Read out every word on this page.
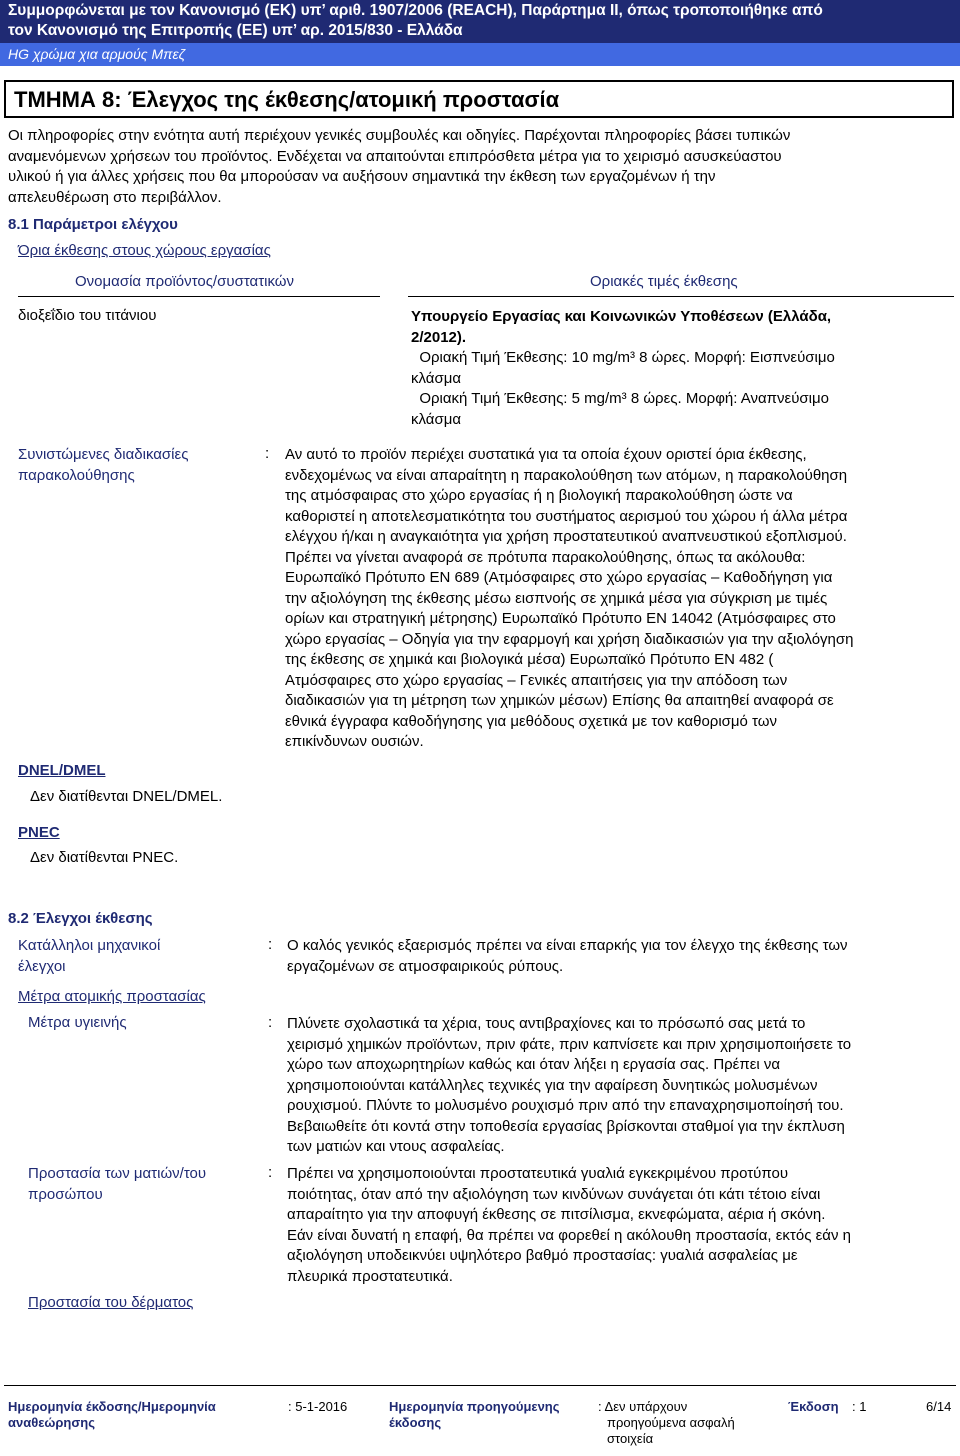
Συμμορφώνεται με τον Κανονισμό (ΕΚ) υπ’ αριθ. 1907/2006 (REACH), Παράρτημα II, όπως τροποποιήθηκε από
τον Κανονισμό της Επιτροπής (ΕΕ) υπ’ αρ. 2015/830 - Ελλάδα
HG χρώμα χια αρμούς Μπεζ
ΤΜΗΜΑ 8: Έλεγχος της έκθεσης/ατομική προστασία
Οι πληροφορίες στην ενότητα αυτή περιέχουν γενικές συμβουλές και οδηγίες. Παρέχονται πληροφορίες βάσει τυπικών
αναμενόμενων χρήσεων του προϊόντος. Ενδέχεται να απαιτούνται επιπρόσθετα μέτρα για το χειρισμό ασυσκεύαστου
υλικού ή για άλλες χρήσεις που θα μπορούσαν να αυξήσουν σημαντικά την έκθεση των εργαζομένων ή την
απελευθέρωση στο περιβάλλον.
8.1 Παράμετροι ελέγχου
Όρια έκθεσης στους χώρους εργασίας
Ονομασία προϊόντος/συστατικών	Οριακές τιμές έκθεσης
διοξεΐδιο του τιτάνιου	Υπουργείο Εργασίας και Κοινωνικών Υποθέσεων (Ελλάδα,
2/2012).
Οριακή Τιμή Έκθεσης: 10 mg/m³ 8 ώρες. Μορφή: Εισπνεύσιμο
κλάσμα
Οριακή Τιμή Έκθεσης: 5 mg/m³ 8 ώρες. Μορφή: Αναπνεύσιμο
κλάσμα
Συνιστώμενες διαδικασίες
παρακολούθησης
: Αν αυτό το προϊόν περιέχει συστατικά για τα οποία έχουν οριστεί όρια έκθεσης,
ενδεχομένως να είναι απαραίτητη η παρακολούθηση των ατόμων, η παρακολούθηση
της ατμόσφαιρας στο χώρο εργασίας ή η βιολογική παρακολούθηση ώστε να
καθοριστεί η αποτελεσματικότητα του συστήματος αερισμού του χώρου ή άλλα μέτρα
ελέγχου ή/και η αναγκαιότητα για χρήση προστατευτικού αναπνευστικού εξοπλισμού.
Πρέπει να γίνεται αναφορά σε πρότυπα παρακολούθησης, όπως τα ακόλουθα:
Ευρωπαϊκό Πρότυπο EN 689 (Ατμόσφαιρες στο χώρο εργασίας – Καθοδήγηση για
την αξιολόγηση της έκθεσης μέσω εισπνοής σε χημικά μέσα για σύγκριση με τιμές
ορίων και στρατηγική μέτρησης) Ευρωπαϊκό Πρότυπο EN 14042 (Ατμόσφαιρες στο
χώρο εργασίας – Οδηγία για την εφαρμογή και χρήση διαδικασιών για την αξιολόγηση
της έκθεσης σε χημικά και βιολογικά μέσα) Ευρωπαϊκό Πρότυπο EN 482 (
Ατμόσφαιρες στο χώρο εργασίας – Γενικές απαιτήσεις για την απόδοση των
διαδικασιών για τη μέτρηση των χημικών μέσων) Επίσης θα απαιτηθεί αναφορά σε
εθνικά έγγραφα καθοδήγησης για μεθόδους σχετικά με τον καθορισμό των
επικίνδυνων ουσιών.
DNEL/DMEL
Δεν διατίθενται DNEL/DMEL.
PNEC
Δεν διατίθενται PNEC.
8.2 Έλεγχοι έκθεσης
Κατάλληλοι μηχανικοί
έλεγχοι
: Ο καλός γενικός εξαερισμός πρέπει να είναι επαρκής για τον έλεγχο της έκθεσης των
εργαζομένων σε ατμοσφαιρικούς ρύπους.
Μέτρα ατομικής προστασίας
Μέτρα υγιεινής	: Πλύνετε σχολαστικά τα χέρια, τους αντιβραχίονες και το πρόσωπό σας μετά το
χειρισμό χημικών προϊόντων, πριν φάτε, πριν καπνίσετε και πριν χρησιμοποιήσετε το
χώρο των αποχωρητηρίων καθώς και όταν λήξει η εργασία σας. Πρέπει να
χρησιμοποιούνται κατάλληλες τεχνικές για την αφαίρεση δυνητικώς μολυσμένων
ρουχισμού. Πλύντε το μολυσμένο ρουχισμό πριν από την επαναχρησιμοποίησή του.
Βεβαιωθείτε ότι κοντά στην τοποθεσία εργασίας βρίσκονται σταθμοί για την έκπλυση
των ματιών και ντους ασφαλείας.
Προστασία των ματιών/του
προσώπου
: Πρέπει να χρησιμοποιούνται προστατευτικά γυαλιά εγκεκριμένου προτύπου
ποιότητας, όταν από την αξιολόγηση των κινδύνων συνάγεται ότι κάτι τέτοιο είναι
απαραίτητο για την αποφυγή έκθεσης σε πιτσίλισμα, εκνεφώματα, αέρια ή σκόνη.
Εάν είναι δυνατή η επαφή, θα πρέπει να φορεθεί η ακόλουθη προστασία, εκτός εάν η
αξιολόγηση υποδεικνύει υψηλότερο βαθμό προστασίας: γυαλιά ασφαλείας με
πλευρικά προστατευτικά.
Προστασία του δέρματος
Ημερομηνία έκδοσης/Ημερομηνία
αναθεώρησης
: 5-1-2016	Ημερομηνία προηγούμενης
έκδοσης
: Δεν υπάρχουν
προηγούμενα ασφαλή
στοιχεία
Έκδοση : 1	6/14
